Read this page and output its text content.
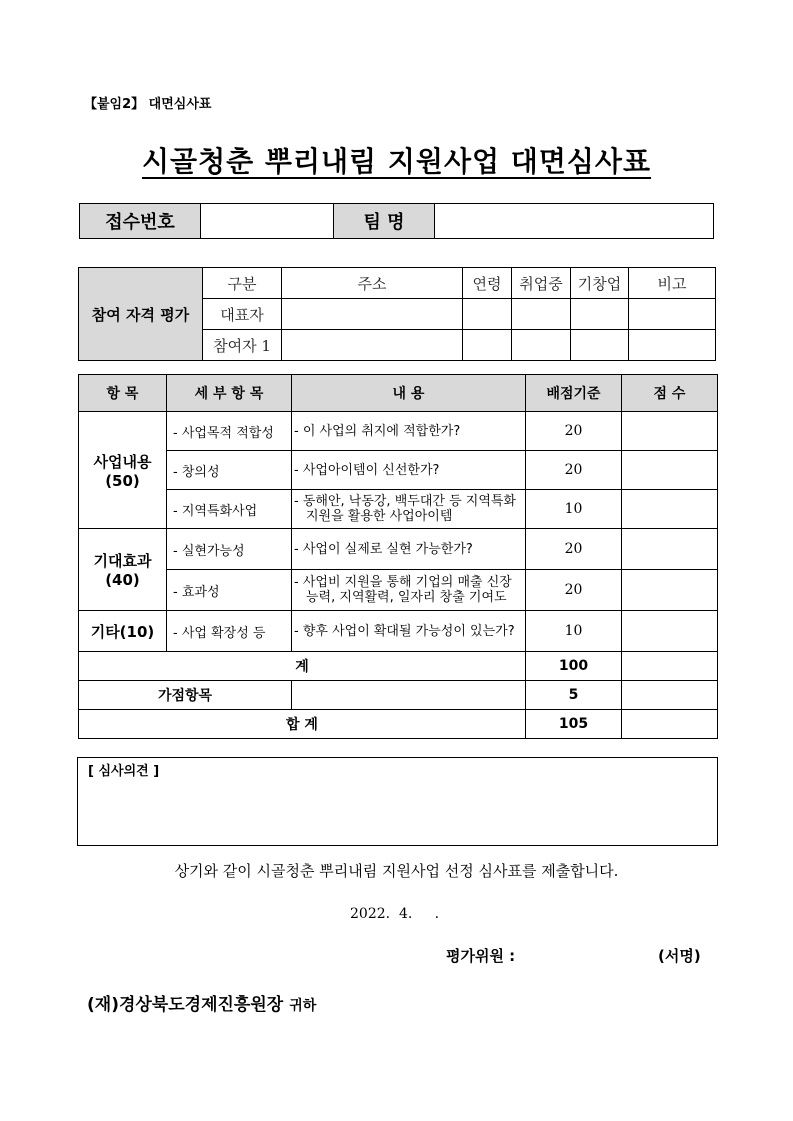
【붙임2】 대면심사표
시골청춘 뿌리내림 지원사업 대면심사표
접수번호		팀 명	
참여 자격 평가	구분	주소	연령	취업중	기창업	비고
	대표자					
	참여자 1					
항 목	세 부 항 목	내 용	배점기준	점 수

사업내용
(50)	- 사업목적 적합성	- 이 사업의 취지에 적합한가?	20	
	- 창의성	- 사업아이템이 신선한가?	20	
	- 지역특화사업	- 동해안, 낙동강, 백두대간 등 지역특화
지원을 활용한 사업아이템	10	

기대효과
(40)	- 실현가능성	- 사업이 실제로 실현 가능한가?	20	
	- 효과성	- 사업비 지원을 통해 기업의 매출 신장
능력, 지역활력, 일자리 창출 기여도	20	
기타(10)	- 사업 확장성 등	- 향후 사업이 확대될 가능성이 있는가?	10	
계			100	
가점항목			5	
합 계			105	
[ 심사의견 ]
상기와 같이 시골청춘 뿌리내림 지원사업 선정 심사표를 제출합니다.
2022.  4.     .
평가위원 :	(서명)
(재)경상북도경제진흥원장 귀하
